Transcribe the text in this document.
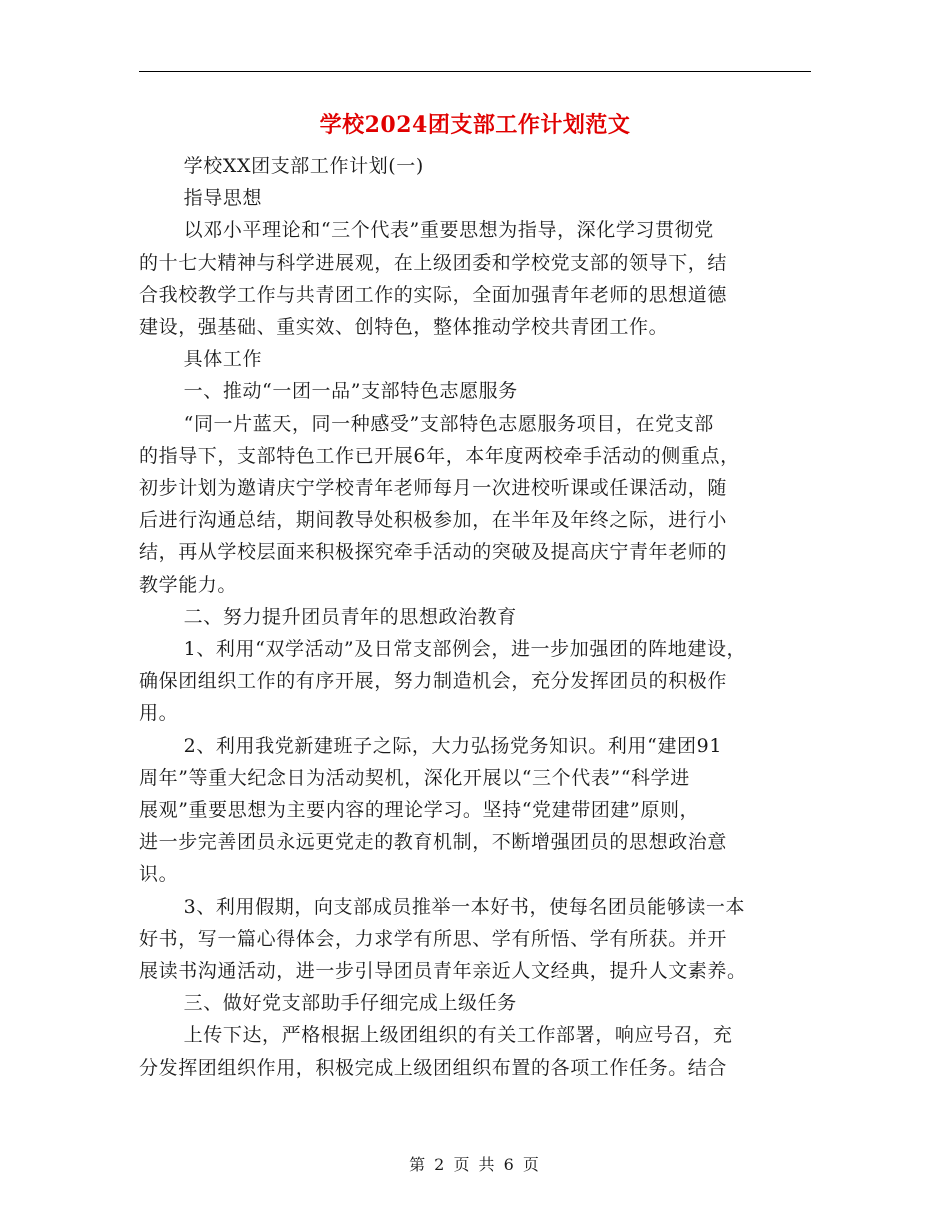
学校2024团支部工作计划范文

学校XX团支部工作计划(一)

指导思想

以邓小平理论和“三个代表”重要思想为指导，深化学习贯彻党
的十七大精神与科学进展观，在上级团委和学校党支部的领导下，结
合我校教学工作与共青团工作的实际，全面加强青年老师的思想道德
建设，强基础、重实效、创特色，整体推动学校共青团工作。

具体工作

一、推动“一团一品”支部特色志愿服务

“同一片蓝天，同一种感受”支部特色志愿服务项目，在党支部
的指导下，支部特色工作已开展6年，本年度两校牵手活动的侧重点，
初步计划为邀请庆宁学校青年老师每月一次进校听课或任课活动，随
后进行沟通总结，期间教导处积极参加，在半年及年终之际，进行小
结，再从学校层面来积极探究牵手活动的突破及提高庆宁青年老师的
教学能力。

二、努力提升团员青年的思想政治教育

1、利用“双学活动”及日常支部例会，进一步加强团的阵地建设，
确保团组织工作的有序开展，努力制造机会，充分发挥团员的积极作
用。

2、利用我党新建班子之际，大力弘扬党务知识。利用“建团91
周年”等重大纪念日为活动契机，深化开展以“三个代表”“科学进
展观”重要思想为主要内容的理论学习。坚持“党建带团建”原则，
进一步完善团员永远更党走的教育机制，不断增强团员的思想政治意
识。

3、利用假期，向支部成员推举一本好书，使每名团员能够读一本
好书，写一篇心得体会，力求学有所思、学有所悟、学有所获。并开
展读书沟通活动，进一步引导团员青年亲近人文经典，提升人文素养。

三、做好党支部助手仔细完成上级任务

上传下达，严格根据上级团组织的有关工作部署，响应号召，充
分发挥团组织作用，积极完成上级团组织布置的各项工作任务。结合

第 2 页 共 6 页
